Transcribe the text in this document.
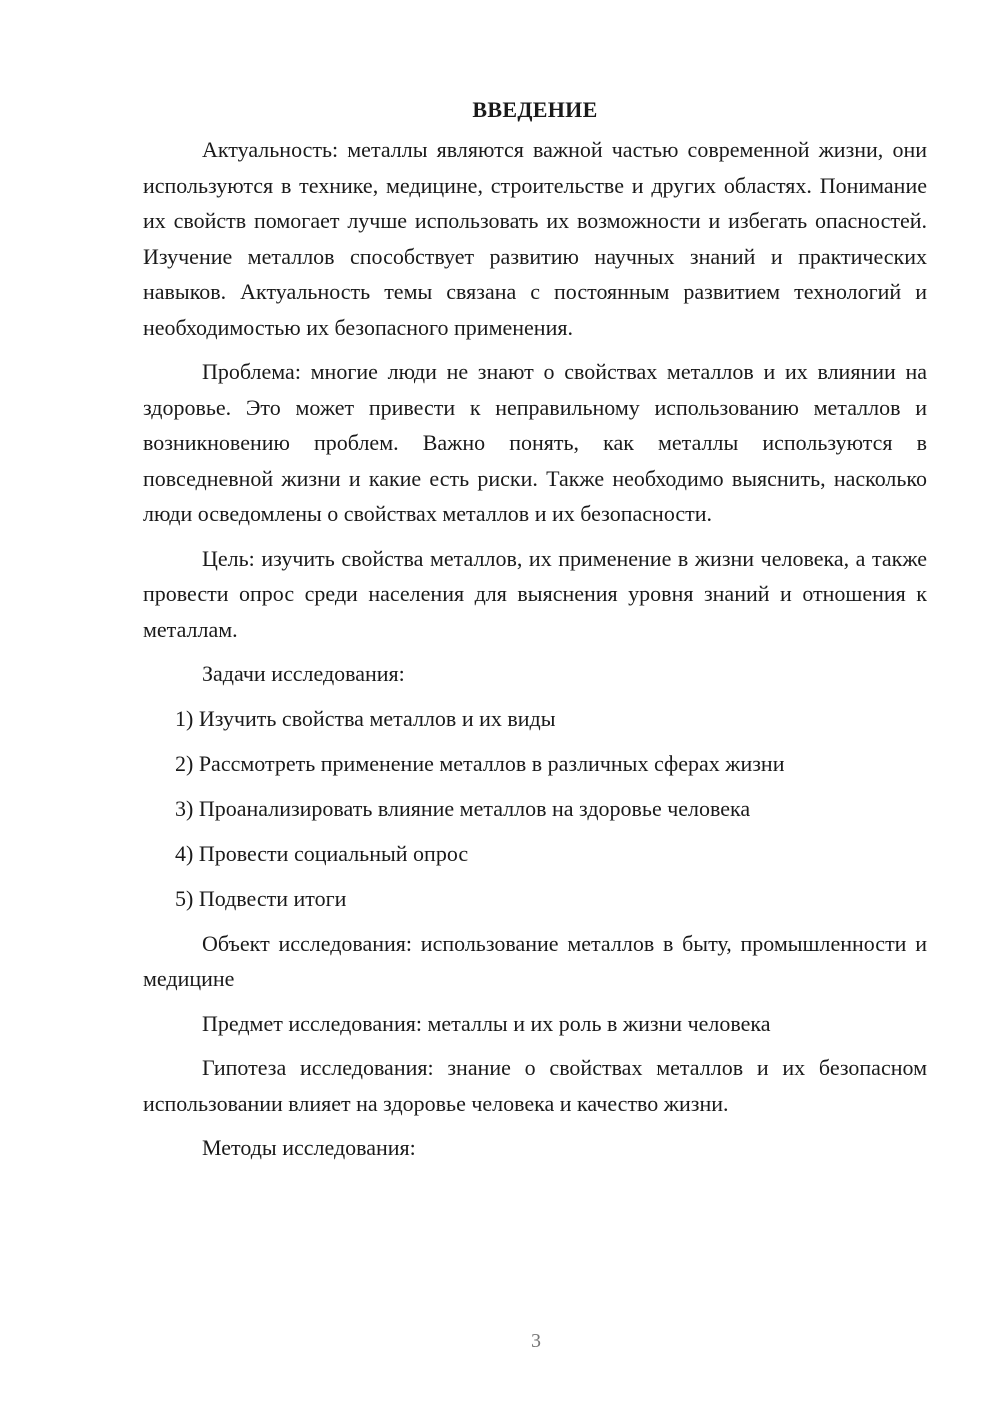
ВВЕДЕНИЕ

Актуальность: металлы являются важной частью современной жизни, они используются в технике, медицине, строительстве и других областях. Понимание их свойств помогает лучше использовать их возможности и избегать опасностей. Изучение металлов способствует развитию научных знаний и практических навыков. Актуальность темы связана с постоянным развитием технологий и необходимостью их безопасного применения.

Проблема: многие люди не знают о свойствах металлов и их влиянии на здоровье. Это может привести к неправильному использованию металлов и возникновению проблем. Важно понять, как металлы используются в повседневной жизни и какие есть риски. Также необходимо выяснить, насколько люди осведомлены о свойствах металлов и их безопасности.

Цель: изучить свойства металлов, их применение в жизни человека, а также провести опрос среди населения для выяснения уровня знаний и отношения к металлам.

Задачи исследования:

1) Изучить свойства металлов и их виды
2) Рассмотреть применение металлов в различных сферах жизни
3) Проанализировать влияние металлов на здоровье человека
4) Провести социальный опрос
5) Подвести итоги

Объект исследования: использование металлов в быту, промышленности и медицине

Предмет исследования: металлы и их роль в жизни человека

Гипотеза исследования: знание о свойствах металлов и их безопасном использовании влияет на здоровье человека и качество жизни.

Методы исследования:

3
